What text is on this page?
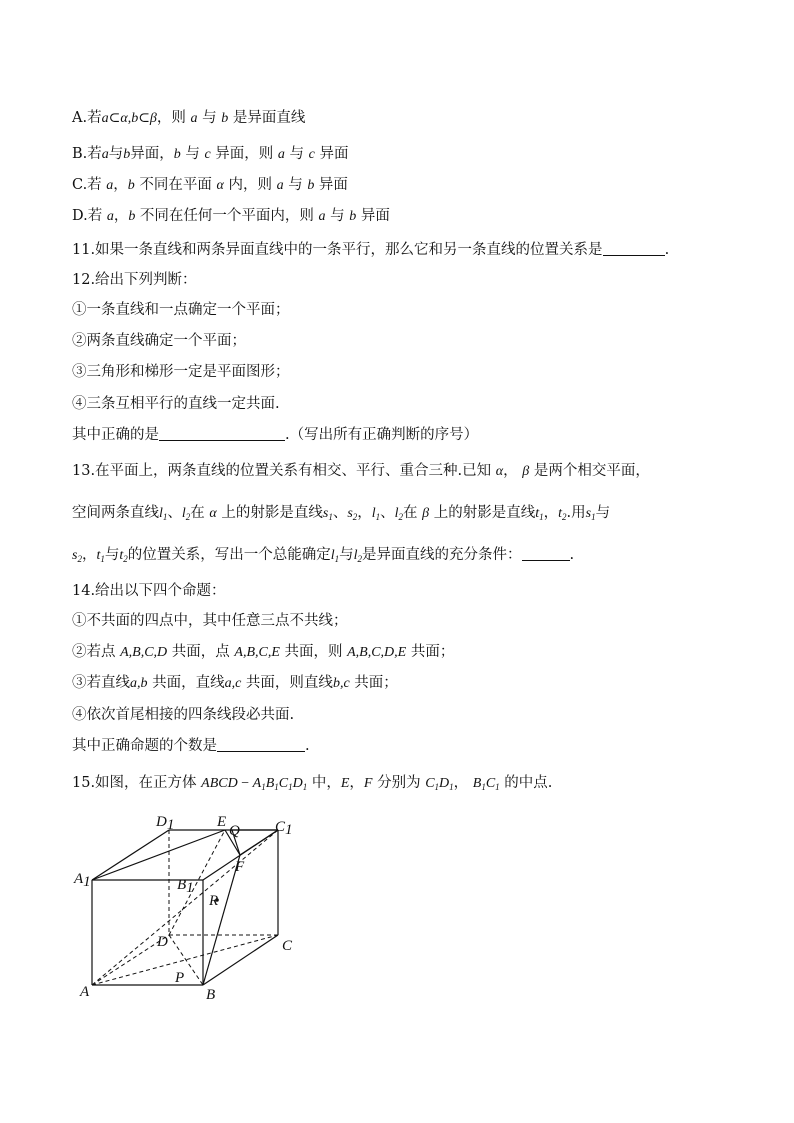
A.若a⊂α,b⊂β，则 a 与 b 是异面直线
B.若a与b异面，b 与 c 异面，则 a 与 c 异面
C.若 a，b 不同在平面 α 内，则 a 与 b 异面
D.若 a，b 不同在任何一个平面内，则 a 与 b 异面
11.如果一条直线和两条异面直线中的一条平行，那么它和另一条直线的位置关系是	.
12.给出下列判断：
①一条直线和一点确定一个平面；
②两条直线确定一个平面；
③三角形和梯形一定是平面图形；
④三条互相平行的直线一定共面.
其中正确的是	.（写出所有正确判断的序号）
13.在平面上，两条直线的位置关系有相交、平行、重合三种.已知 α， β 是两个相交平面，
空间两条直线$l_1$、$l_2$在 α 上的射影是直线$s_1$、$s_2$，$l_1$、$l_2$在 β 上的射影是直线$t_1$，$t_2$.用$s_1$与
$s_2$，$t_1$与$t_2$的位置关系，写出一个总能确定$l_1$与$l_2$是异面直线的充分条件：	.
14.给出以下四个命题：
①不共面的四点中，其中任意三点不共线；
②若点 A,B,C,D 共面，点 A,B,C,E 共面，则 A,B,C,D,E 共面；
③若直线a,b 共面，直线a,c 共面，则直线b,c 共面；
④依次首尾相接的四条线段必共面.
其中正确命题的个数是	.
15.如图，在正方体 ABCD − $A_1B_1C_1D_1$ 中，E，F 分别为 $C_1D_1$， $B_1C_1$ 的中点.
D1	E
Q C1
A1	B1
F
R
D	C
A
P
B
